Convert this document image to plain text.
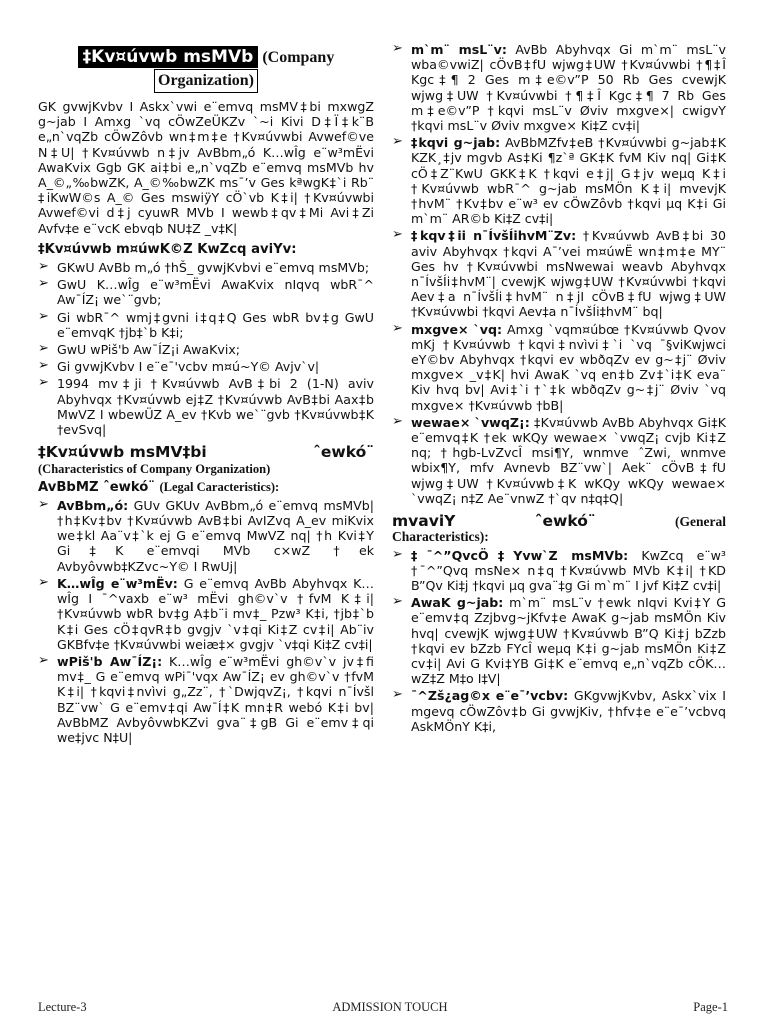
‡Kv¤úvwb msMVb (Company
Organization)

GK gvwjKvbv I Askx`vwi e¨emvq msMV‡bi mxwgZ g~jab I Amxg `vq cÖwZeÜKZv `~i Kivi D‡Ï‡k¨B e„n`vqZb cÖwZôvb wn‡m‡e †Kv¤úvwbi Avwef©ve N‡U| †Kv¤úvwb n‡jv AvBbm„ó K…wÎg e¨w³mËvi AwaKvix Ggb GK ai‡bi e„n`vqZb e¨emvq msMVb hv A_©„‰bwZK, A_©‰bwZK ms¯’v Ges kªwgK‡`i Rb¨ ‡iKwW©s A_© Ges mswiÿY cÖ`vb K‡i| †Kv¤úvwbi Avwef©vi d‡j cyuwR MVb I wewb‡qv‡Mi Avi‡Zi Avfv‡e e¨vcK ebvqb NU‡Z _v‡K|

‡Kv¤úvwb m¤úwK©Z KwZcq aviYv:
➢ GKwU AvBb m„ó †hŠ_ gvwjKvbvi e¨emvq msMVb;
➢ GwU K…wÎg e¨w³mËvi AwaKvix nIqvq wbR¯^ Aw¯ÍZ¡ we`¨gvb;
➢ Gi wbR¯^ wmj‡gvni i‡q‡Q Ges wbR bv‡g GwU e¨emvqK †jb‡`b K‡i;
➢ GwU wPiš'b Aw¯ÍZ¡i AwaKvix;
➢ Gi gvwjKvbv I e¨e¯'vcbv m¤ú~Y© Avjv`v|
➢ 1994 mv‡ji †Kv¤úvwb AvB‡bi 2 (1-N) aviv Abyhvqx †Kv¤úvwb ej‡Z †Kv¤úvwb AvB‡bi Aax‡b MwVZ I wbewÜZ A_ev †Kvb we`¨gvb †Kv¤úvwb‡K †evSvq|
‡Kv¤úvwb msMV‡bi	ˆewkó¨
(Characteristics of Company Organization)
AvBbMZ ˆewkó¨ (Legal Caracteristics):
➢ AvBbm„ó: GUv GKUv AvBbm„ó e¨emvq msMVb| †h‡Kv‡bv †Kv¤úvwb AvB‡bi AvIZvq A_ev miKvix we‡kl Aa¨v‡`k ej G e¨emvq MwVZ nq| †h Kvi‡Y Gi‡K e¨emvqi MVb c×wZ †ek Avbyôvwb‡KZvc~Y© I RwUj|
➢ K…wÎg e¨w³mËv: G e¨emvq AvBb Abyhvqx K…wÎg I ¯^vaxb e¨w³ mËvi gh©v`v †fvM K‡i| †Kv¤úvwb wbR bv‡g A‡b¨i mv‡_ Pzw³ K‡i, †jb‡`b K‡i Ges cÖ‡qvR‡b gvgjv `v‡qi Ki‡Z cv‡i| Ab¨iv GKBfv‡e †Kv¤úvwbi weiæ‡× gvgjv `v‡qi Ki‡Z cv‡i|
➢ wPiš'b Aw¯ÍZ¡: K…wÎg e¨w³mËvi gh©v`v jv‡fi mv‡_ G e¨emvq wPi¯'vqx Aw¯ÍZ¡ ev gh©v`v †fvM K‡i| †kqvi‡nvìvi g„Zz¨, †`DwjqvZ¡, †kqvi n¯Ívšl BZ¨vw` G e¨emv‡qi Aw¯Í‡K mn‡R webó K‡i bv| AvBbMZ AvbyôvwbKZvi gva¨‡gB Gi e¨emv‡qi we‡jvc N‡U|
➢ m`m¨ msL¨v: AvBb Abyhvqx Gi m`m¨ msL¨v wba©vwiZ| cÖvB‡fU wjwg‡UW †Kv¤úvwbi †¶‡Î Kgc‡¶ 2 Ges m‡e©v”P 50 Rb Ges cvewjK wjwg‡UW †Kv¤úvwbi †¶‡Î Kgc‡¶ 7 Rb Ges m‡e©v”P †kqvi msL¨v Øviv mxgve×| cwigvY †kqvi msL¨v Øviv mxgve× Ki‡Z cv‡i|
➢ ‡kqvi g~jab: AvBbMZfv‡eB †Kv¤úvwbi g~jab‡K KZK¸‡jv mgvb As‡Ki ¶z`ª GK‡K fvM Kiv nq| Gi‡K cÖ‡Z¨KwU GKK‡K †kqvi e‡j| G‡jv weµq K‡i †Kv¤úvwb wbR¯^ g~jab msMÖn K‡i| mvevjK †hvM¨ †Kv‡bv e¨w³ ev cÖwZôvb †kqvi µq K‡i Gi m`m¨ AR©b Ki‡Z cv‡i|
➢ ‡kqv‡ii n¯ÍvšÍihvM¨Zv: †Kv¤úvwb AvB‡bi 30 aviv Abyhvqx †kqvi A¯’vei m¤úwË wn‡m‡e MY¨ Ges hv †Kv¤úvwbi msNwewai weavb Abyhvqx n¯ÍvšÍi‡hvM¨| cvewjK wjwg‡UW †Kv¤úvwbi †kqvi Aev‡a n¯ÍvšÍi‡hvM¨ n‡jI cÖvB‡fU wjwg‡UW †Kv¤úvwbi †kqvi Aev‡a n¯ÍvšÍi‡hvM¨ bq|
➢ mxgve× `vq: Amxg `vqm¤úbœ †Kv¤úvwb Qvov mKj †Kv¤úvwb †kqvi‡nvìvi‡`i `vq ¯§viKwjwci eY©bv Abyhvqx †kqvi ev wbðqZv ev g~‡j¨ Øviv mxgve× _v‡K| hvi AwaK `vq en‡b Zv‡`i‡K eva¨ Kiv hvq bv| Avi‡`i †`‡k wbðqZv g~‡j¨ Øviv `vq mxgve× †Kv¤úvwb †bB|
➢ wewae× `vwqZ¡: ‡Kv¤úvwb AvBb Abyhvqx Gi‡K e¨emvq‡K †ek wKQy wewae× `vwqZ¡ cvjb Ki‡Z nq; †hgb-LvZvcÎ msi¶Y, wnmve ˆZwi, wnmve wbix¶Y, mfv Avnevb BZ¨vw`| Aek¨ cÖvB‡fU wjwg‡UW †Kv¤úvwb‡K wKQy wKQy wewae× `vwqZ¡ n‡Z Ae¨vnwZ †`qv n‡q‡Q|
mvaviY	ˆewkó¨	(General
Characteristics):
➢ ‡¯^”QvcÖ‡Yvw`Z msMVb: KwZcq e¨w³ †¯^”Qvq msNe× n‡q †Kv¤úvwb MVb K‡i| †KD B”Qv Ki‡j †kqvi µq gva¨‡g Gi m`m¨ I jvf Ki‡Z cv‡i|
➢ AwaK g~jab: m`m¨ msL¨v †ewk nIqvi Kvi‡Y G e¨emv‡q Zzjbvg~jKfv‡e AwaK g~jab msMÖn Kiv hvq| cvewjK wjwg‡UW †Kv¤úvwb B”Q Ki‡j bZzb †kqvi ev bZzb FYcÎ weµq K‡i g~jab msMÖn Ki‡Z cv‡i| Avi G Kvi‡YB Gi‡K e¨emvq e„n`vqZb cÖK… wZ‡Z M‡o I‡V|
➢ ¯^Zš¿ag©x e¨e¯’vcbv: GKgvwjKvbv, Askx`vix I mgevq cÖwZôv‡b Gi gvwjKiv, †hfv‡e e¨e¯’vcbvq AskMÖnY K‡i,
Lecture-3	ADMISSION TOUCH	Page-1
